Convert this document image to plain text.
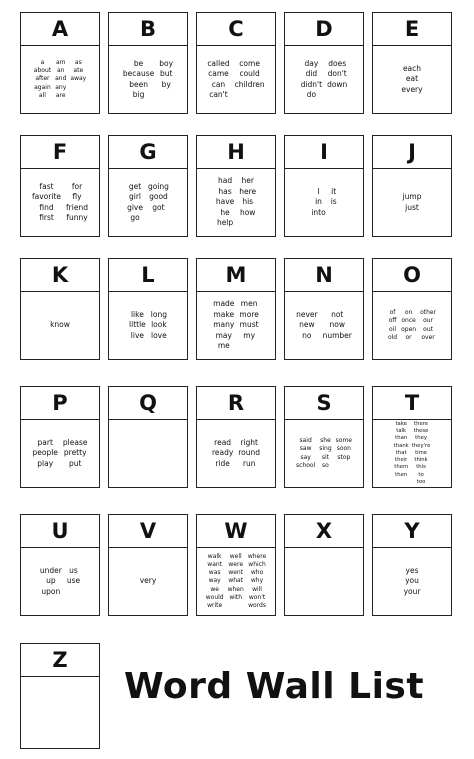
A
a
about
after
again
all
am
an
and
any
are
as
ate
away
B
be
because
been
big
boy
but
by
C
called
came
can
can't
come
could
children
D
day
did
didn't
do
does
don't
down
E
each
eat
every
F
fast
favorite
find
first
for
fly
friend
funny
G
get
girl
give
go
going
good
got
H
had
has
have
he
help
her
here
his
how
I
I
in
into
it
is
J
jump
just
K
know
L
like
little
live
long
look
love
M
made
make
many
may
me
men
more
must
my
N
never
new
no
not
now
number
O
of
off
oil
old
on
once
open
or
other
our
out
over
P
part
people
play
please
pretty
put
Q	R
read
ready
ride
right
round
run
S
said
saw
say
school
she
sing
sit
so
some
soon
stop
T
take
talk
than
thank
that
their
them
then
there
these
they
they're
time
think
this
to
too
U
under
up
upon
us
use
V
very
W
walk
want
was
way
we
would
write
well
were
went
what
when
with
where
which
who
why
will
won't
words
X	Y
yes
you
your
Z
Word Wall List
